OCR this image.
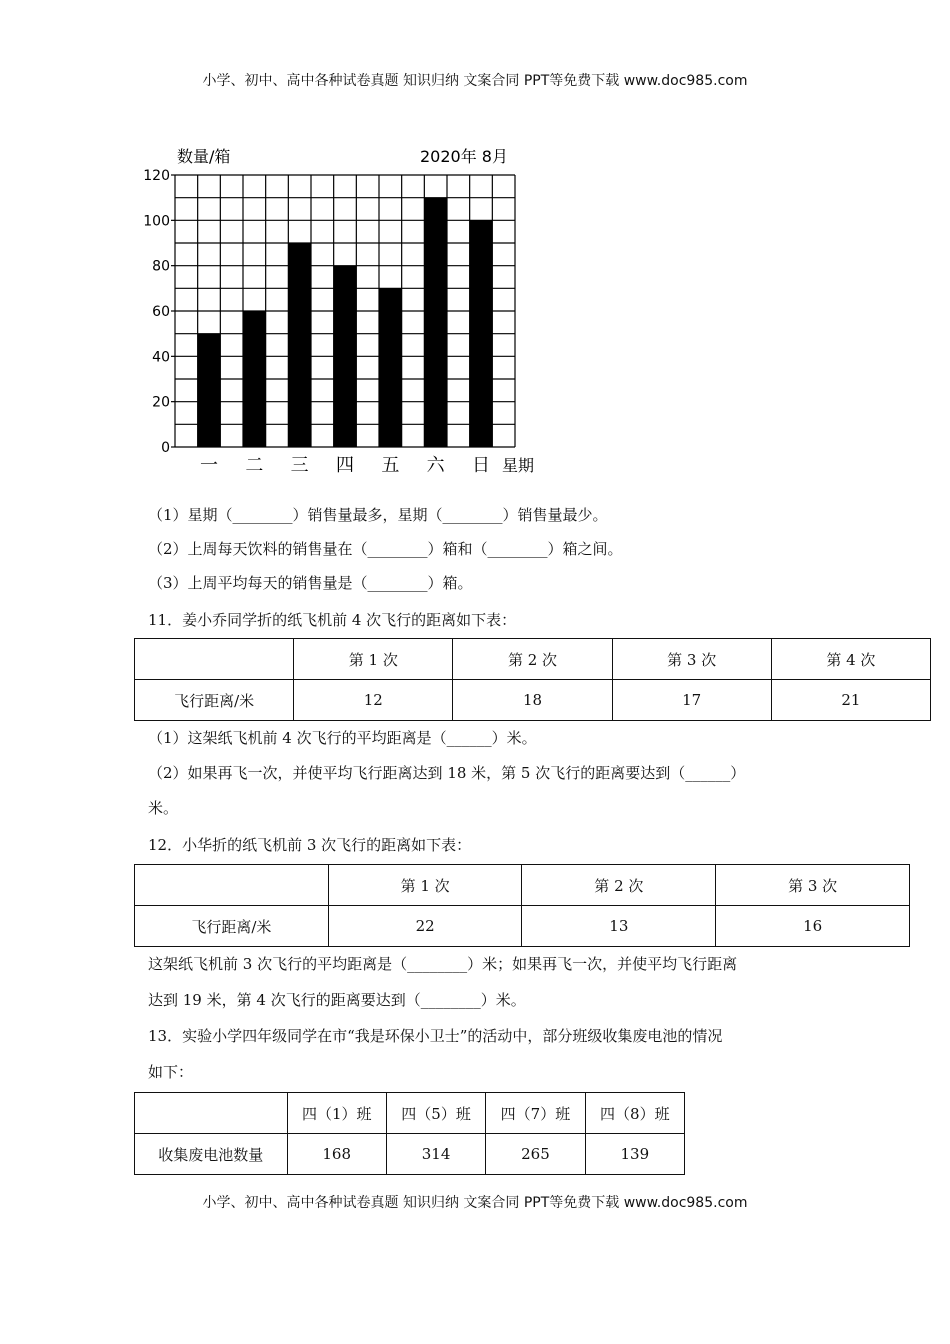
小学、初中、高中各种试卷真题 知识归纳 文案合同 PPT等免费下载 www.doc985.com
0
20
40
60
80
100
120
一 二 三 四 五 六 日
数量/箱	2020年 8月
星期
（1）星期（________）销售量最多，星期（________）销售量最少。
（2）上周每天饮料的销售量在（________）箱和（________）箱之间。
（3）上周平均每天的销售量是（________）箱。
11．姜小乔同学折的纸飞机前 4 次飞行的距离如下表：
	第 1 次	第 2 次	第 3 次	第 4 次
飞行距离/米	12	18	17	21
（1）这架纸飞机前 4 次飞行的平均距离是（______）米。
（2）如果再飞一次，并使平均飞行距离达到 18 米，第 5 次飞行的距离要达到（______）
米。
12．小华折的纸飞机前 3 次飞行的距离如下表：
	第 1 次	第 2 次	第 3 次
飞行距离/米	22	13	16
这架纸飞机前 3 次飞行的平均距离是（________）米；如果再飞一次，并使平均飞行距离
达到 19 米，第 4 次飞行的距离要达到（________）米。
13．实验小学四年级同学在市“我是环保小卫士”的活动中，部分班级收集废电池的情况
如下：
	四（1）班	四（5）班	四（7）班	四（8）班
收集废电池数量	168	314	265	139
小学、初中、高中各种试卷真题 知识归纳 文案合同 PPT等免费下载 www.doc985.com
